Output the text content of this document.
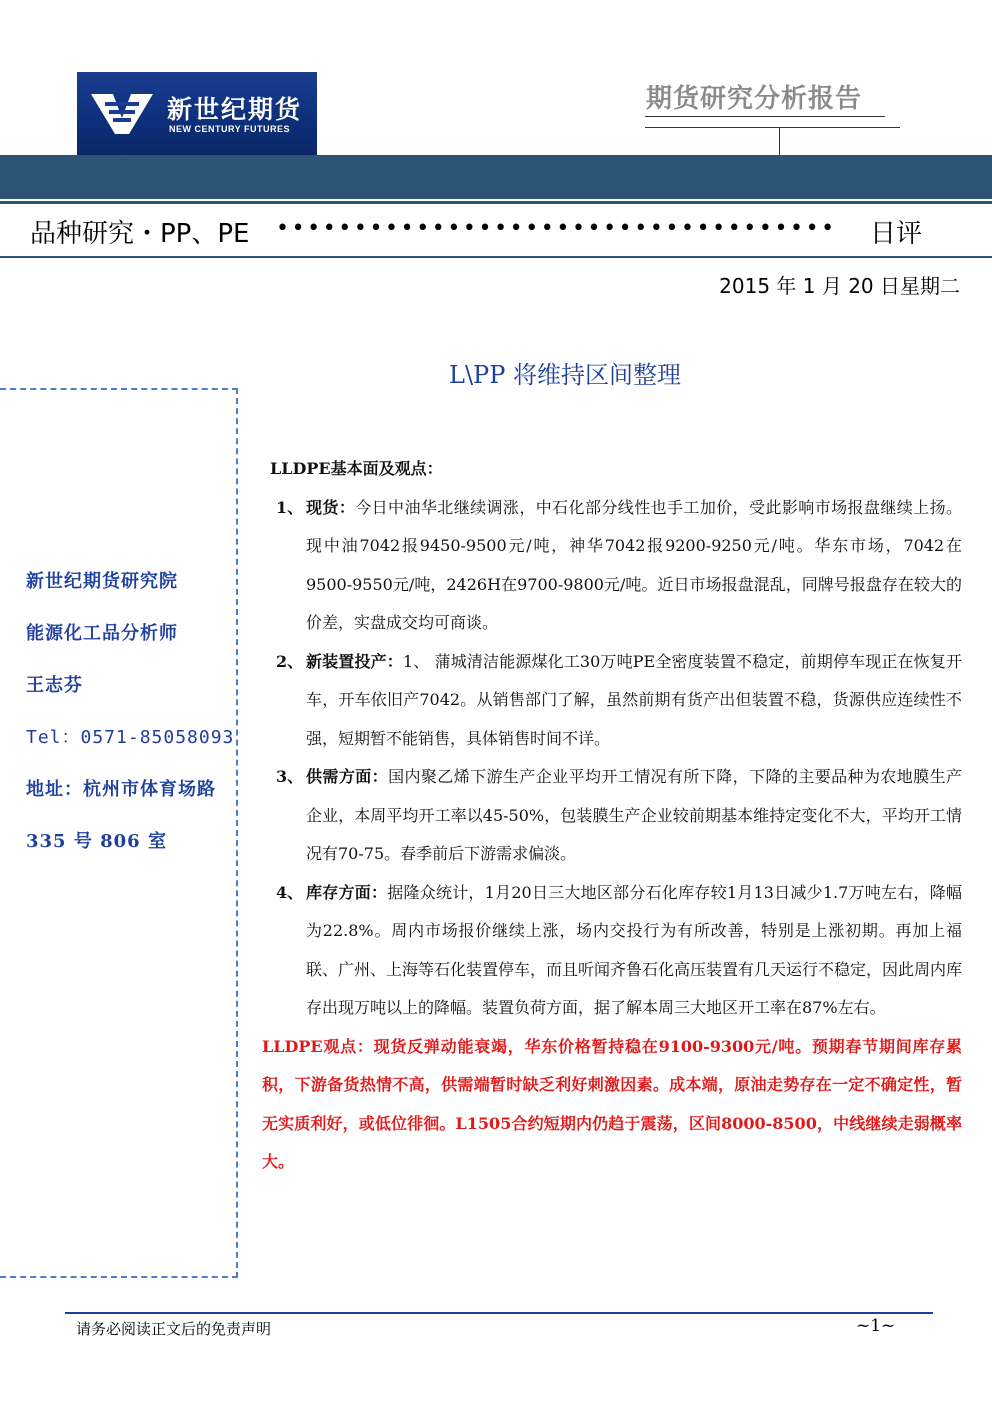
新世纪期货
NEW CENTURY FUTURES
期货研究分析报告
品种研究・PP、PE •••••••••••••••••••••••••••••••••••• 日评
2015 年 1 月 20 日星期二
L\PP 将维持区间整理
新世纪期货研究院
能源化工品分析师
王志芬
Tel：0571-85058093
地址：杭州市体育场路
335 号 806 室
LLDPE基本面及观点：
1、 现货：今日中油华北继续调涨，中石化部分线性也手工加价，受此影响市场报盘继续上扬。现中油7042报9450-9500元/吨，神华7042报9200-9250元/吨。华东市场，7042在9500-9550元/吨，2426H在9700-9800元/吨。近日市场报盘混乱，同牌号报盘存在较大的价差，实盘成交均可商谈。
2、 新装置投产：1、 蒲城清洁能源煤化工30万吨PE全密度装置不稳定，前期停车现正在恢复开车，开车依旧产7042。从销售部门了解，虽然前期有货产出但装置不稳，货源供应连续性不强，短期暂不能销售，具体销售时间不详。
3、 供需方面：国内聚乙烯下游生产企业平均开工情况有所下降，下降的主要品种为农地膜生产企业，本周平均开工率以45-50%，包装膜生产企业较前期基本维持定变化不大，平均开工情况有70-75。春季前后下游需求偏淡。
4、 库存方面：据隆众统计，1月20日三大地区部分石化库存较1月13日减少1.7万吨左右，降幅为22.8%。周内市场报价继续上涨，场内交投行为有所改善，特别是上涨初期。再加上福联、广州、上海等石化装置停车，而且听闻齐鲁石化高压装置有几天运行不稳定，因此周内库存出现万吨以上的降幅。装置负荷方面，据了解本周三大地区开工率在87%左右。
LLDPE观点：现货反弹动能衰竭，华东价格暂持稳在9100-9300元/吨。预期春节期间库存累积，下游备货热情不高，供需端暂时缺乏利好刺激因素。成本端，原油走势存在一定不确定性，暂无实质利好，或低位徘徊。L1505合约短期内仍趋于震荡，区间8000-8500，中线继续走弱概率大。
请务必阅读正文后的免责声明	~1~
